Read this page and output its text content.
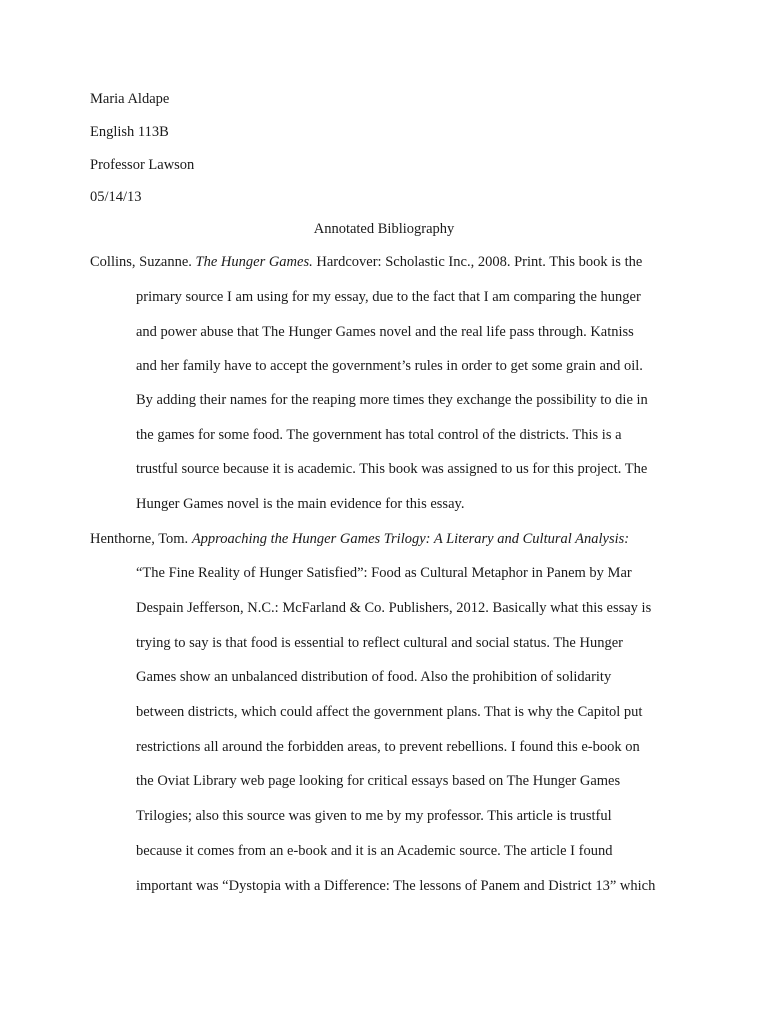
Maria Aldape
English 113B
Professor Lawson
05/14/13
Annotated Bibliography
Collins, Suzanne. The Hunger Games. Hardcover: Scholastic Inc., 2008. Print. This book is the
primary source I am using for my essay, due to the fact that I am comparing the hunger
and power abuse that The Hunger Games novel and the real life pass through. Katniss
and her family have to accept the government’s rules in order to get some grain and oil.
By adding their names for the reaping more times they exchange the possibility to die in
the games for some food. The government has total control of the districts. This is a
trustful source because it is academic. This book was assigned to us for this project. The
Hunger Games novel is the main evidence for this essay.
Henthorne, Tom. Approaching the Hunger Games Trilogy: A Literary and Cultural Analysis:
“The Fine Reality of Hunger Satisfied”: Food as Cultural Metaphor in Panem by Mar
Despain Jefferson, N.C.: McFarland & Co. Publishers, 2012. Basically what this essay is
trying to say is that food is essential to reflect cultural and social status. The Hunger
Games show an unbalanced distribution of food. Also the prohibition of solidarity
between districts, which could affect the government plans. That is why the Capitol put
restrictions all around the forbidden areas, to prevent rebellions. I found this e-book on
the Oviat Library web page looking for critical essays based on The Hunger Games
Trilogies; also this source was given to me by my professor. This article is trustful
because it comes from an e-book and it is an Academic source. The article I found
important was “Dystopia with a Difference: The lessons of Panem and District 13” which
